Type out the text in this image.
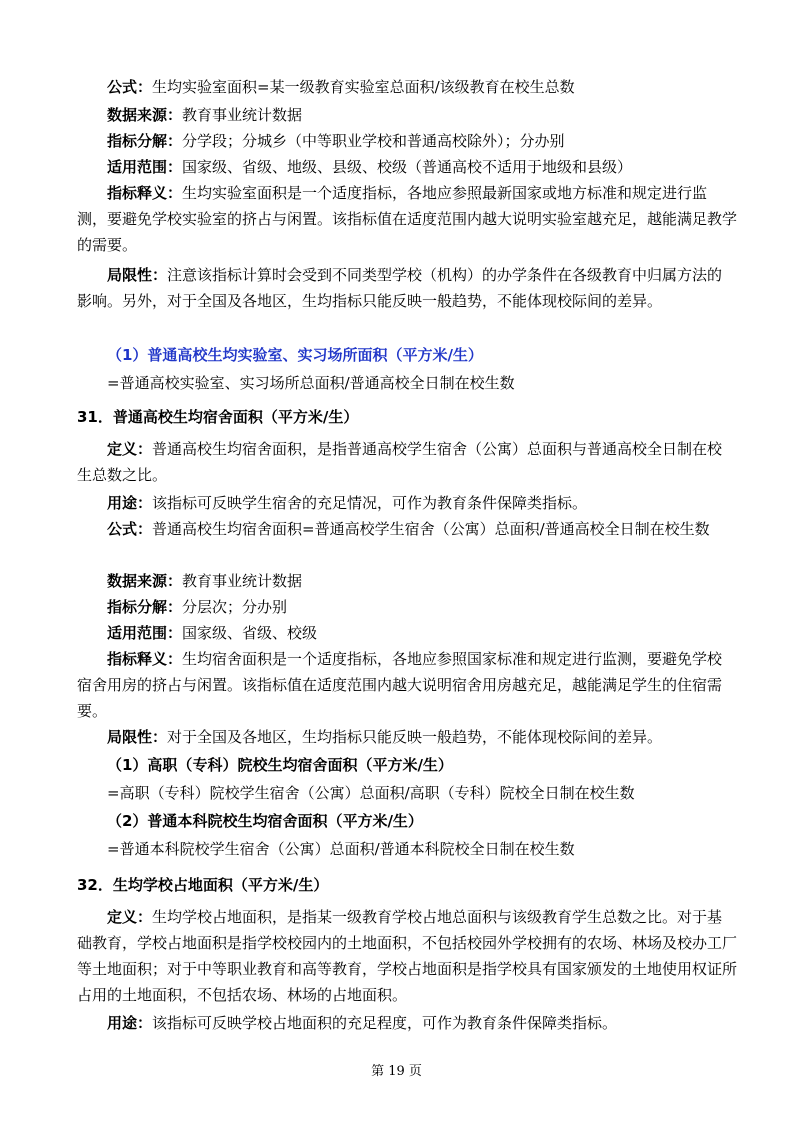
公式：生均实验室面积=某一级教育实验室总面积/该级教育在校生总数
数据来源：教育事业统计数据
指标分解：分学段；分城乡（中等职业学校和普通高校除外）；分办别
适用范围：国家级、省级、地级、县级、校级（普通高校不适用于地级和县级）
指标释义：生均实验室面积是一个适度指标，各地应参照最新国家或地方标准和规定进行监测，要避免学校实验室的挤占与闲置。该指标值在适度范围内越大说明实验室越充足，越能满足教学的需要。
局限性：注意该指标计算时会受到不同类型学校（机构）的办学条件在各级教育中归属方法的影响。另外，对于全国及各地区，生均指标只能反映一般趋势，不能体现校际间的差异。
（1）普通高校生均实验室、实习场所面积（平方米/生）
=普通高校实验室、实习场所总面积/普通高校全日制在校生数
31．普通高校生均宿舍面积（平方米/生）
定义：普通高校生均宿舍面积，是指普通高校学生宿舍（公寓）总面积与普通高校全日制在校生总数之比。
用途：该指标可反映学生宿舍的充足情况，可作为教育条件保障类指标。
公式：普通高校生均宿舍面积=普通高校学生宿舍（公寓）总面积/普通高校全日制在校生数
数据来源：教育事业统计数据
指标分解：分层次；分办别
适用范围：国家级、省级、校级
指标释义：生均宿舍面积是一个适度指标，各地应参照国家标准和规定进行监测，要避免学校宿舍用房的挤占与闲置。该指标值在适度范围内越大说明宿舍用房越充足，越能满足学生的住宿需要。
局限性：对于全国及各地区，生均指标只能反映一般趋势，不能体现校际间的差异。
（1）高职（专科）院校生均宿舍面积（平方米/生）
=高职（专科）院校学生宿舍（公寓）总面积/高职（专科）院校全日制在校生数
（2）普通本科院校生均宿舍面积（平方米/生）
=普通本科院校学生宿舍（公寓）总面积/普通本科院校全日制在校生数
32．生均学校占地面积（平方米/生）
定义：生均学校占地面积，是指某一级教育学校占地总面积与该级教育学生总数之比。对于基础教育，学校占地面积是指学校校园内的土地面积，不包括校园外学校拥有的农场、林场及校办工厂等土地面积；对于中等职业教育和高等教育，学校占地面积是指学校具有国家颁发的土地使用权证所占用的土地面积，不包括农场、林场的占地面积。
用途：该指标可反映学校占地面积的充足程度，可作为教育条件保障类指标。
第 19 页
